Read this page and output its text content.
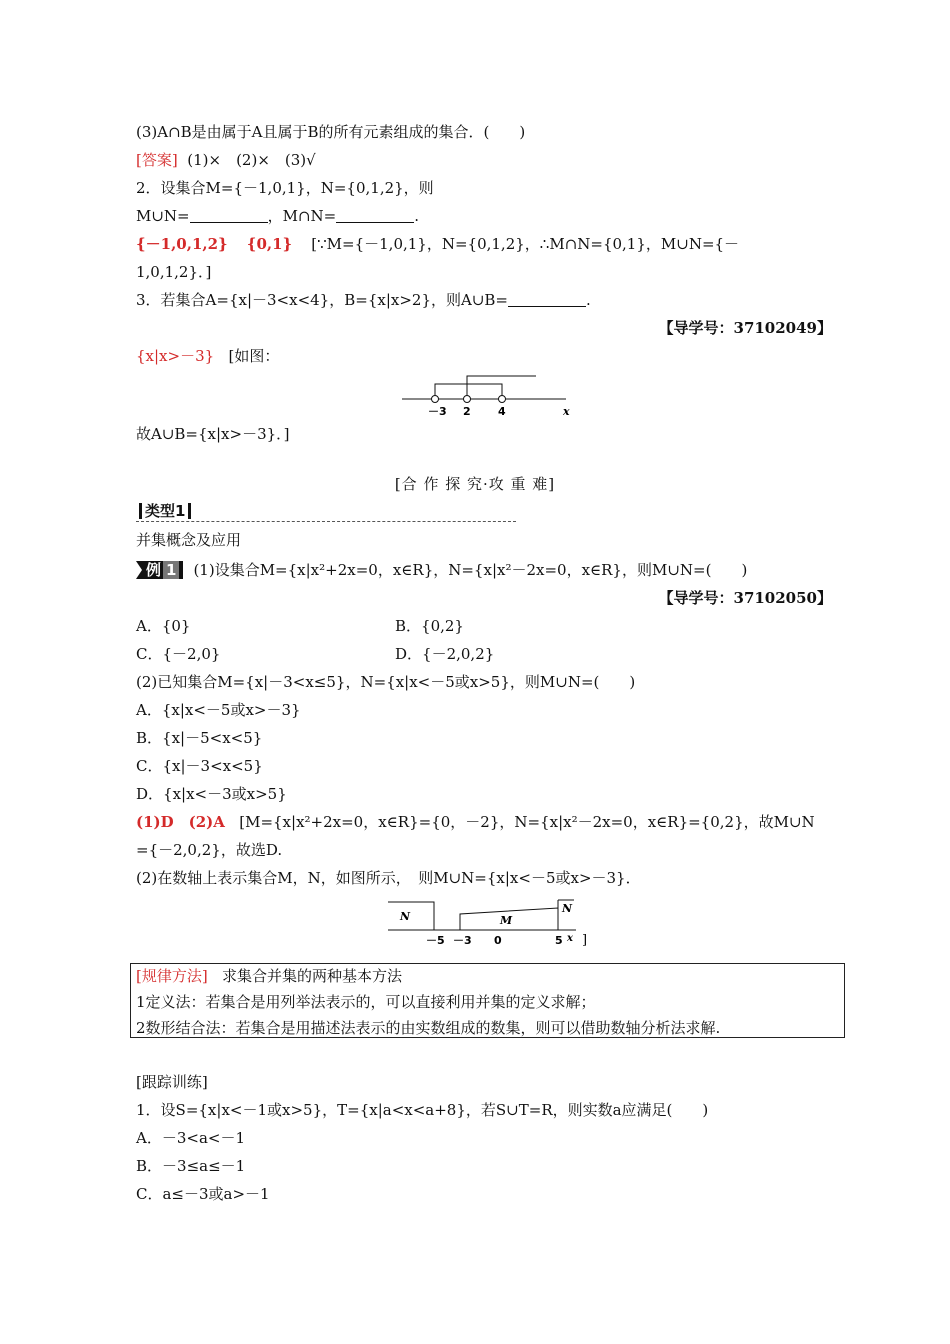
(3)A∩B是由属于A且属于B的所有元素组成的集合．(　　)
[答案] (1)×　(2)×　(3)√
2．设集合M={－1,0,1}，N={0,1,2}，则
M∪N=	，M∩N=	.
{－1,0,1,2} {0,1} [∵M={－1,0,1}，N={0,1,2}，∴M∩N={0,1}，M∪N={－
1,0,1,2}．]
3．若集合A={x|－3<x<4}，B={x|x>2}，则A∪B=	.
【导学号：37102049】
{x|x>－3} [如图：
－3 2 4	x
故A∪B={x|x>－3}．]
[合 作 探 究·攻 重 难]
类型1
并集概念及应用
例 1 (1)设集合M={x|x²+2x=0，x∈R}，N={x|x²－2x=0，x∈R}，则M∪N=(　　)
【导学号：37102050】
A．{0}	B．{0,2}
C．{－2,0}	D．{－2,0,2}
(2)已知集合M={x|－3<x≤5}，N={x|x<－5或x>5}，则M∪N=(　　)
A．{x|x<－5或x>－3}
B．{x|－5<x<5}
C．{x|－3<x<5}
D．{x|x<－3或x>5}
(1)D　(2)A [M={x|x²+2x=0，x∈R}={0，－2}，N={x|x²－2x=0，x∈R}={0,2}，故M∪N
={－2,0,2}，故选D.
(2)在数轴上表示集合M，N，如图所示，　则M∪N={x|x<－5或x>－3}．
N	M
N
－5 －3 0	5 x ]
[规律方法] 求集合并集的两种基本方法
1定义法：若集合是用列举法表示的，可以直接利用并集的定义求解；
2数形结合法：若集合是用描述法表示的由实数组成的数集，则可以借助数轴分析法求解.
[跟踪训练]
1．设S={x|x<－1或x>5}，T={x|a<x<a+8}，若S∪T=R，则实数a应满足(　　)
A．－3<a<－1
B．－3≤a≤－1
C．a≤－3或a>－1
